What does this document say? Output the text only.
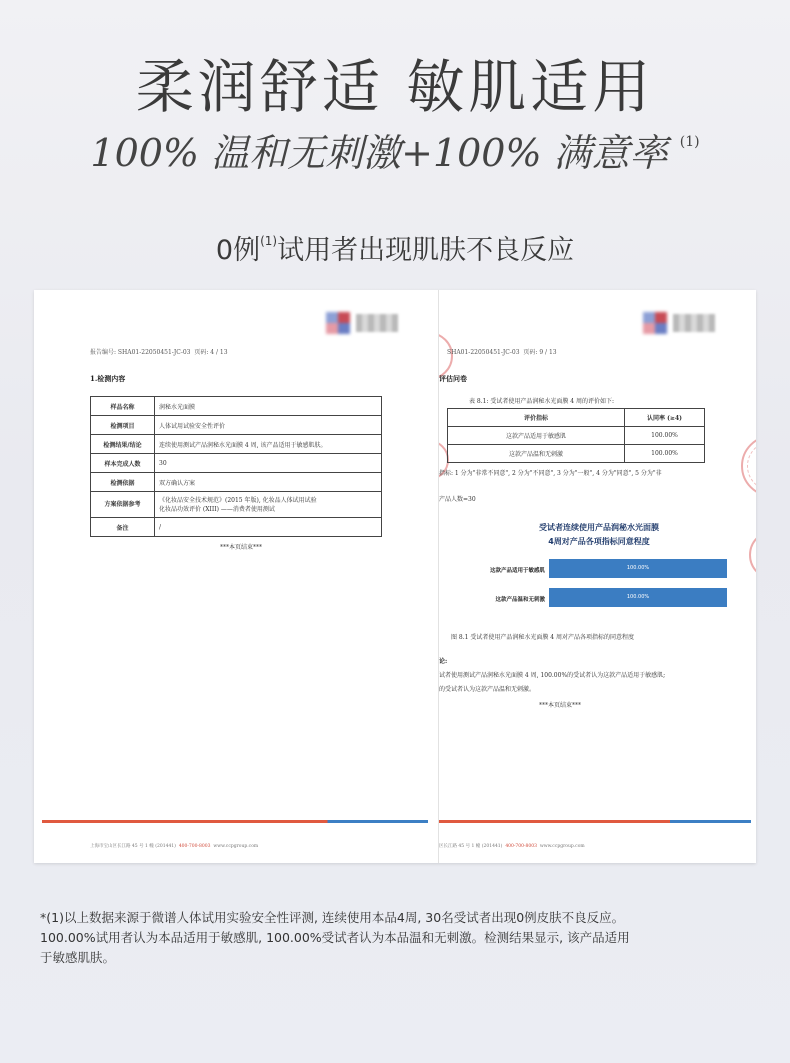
柔润舒适 敏肌适用
100% 温和无刺激+100% 满意率 $^{(1)}$
0例$^{(1)}$试用者出现肌肤不良反应
报告编号: SHA01-22050451-JC-03 页码: 4 / 13
1.检测内容
样品名称	润秘水光面膜
检测项目	人体试用试验安全性评价
检测结果/结论	连续使用测试产品润秘水光面膜 4 周, 该产品适用于敏感肌肤。
样本完成人数	30
检测依据	双方确认方案
方案依据参考	《化妆品安全技术规范》(2015 年版), 化妆品人体试用试验
化妆品功效评价 (XIII) ——消费者使用测试

备注	/
***本页结束***
上海市宝山区长江路 45 号 1 幢 (201441) 400-700-8003 www.ccpgroup.com
SHA01-22050451-JC-03 页码: 9 / 13
评估问卷
表 8.1: 受试者使用产品润秘水光面膜 4 周的评价如下:
评价指标	认同率 (≥4)
这款产品适用于敏感肌	100.00%
这款产品温和无刺激	100.00%
指标: 1 分为"非常不同意", 2 分为"不同意", 3 分为"一般", 4 分为"同意", 5 分为"非
产品人数=30
受试者连续使用产品润秘水光面膜
4周对产品各项指标同意程度
这款产品适用于敏感肌
这款产品温和无刺激
100.00%
100.00%
图 8.1 受试者使用产品润秘水光面膜 4 周对产品各项指标的同意程度
论:
试者使用测试产品润秘水光面膜 4 周, 100.00%的受试者认为这款产品适用于敏感肌;
的受试者认为这款产品温和无刺激。
***本页结束***
区长江路 45 号 1 幢 (201441) 400-700-8003 www.ccpgroup.com

*(1)以上数据来源于微谱人体试用实验安全性评测, 连续使用本品4周, 30名受试者出现0例皮肤不良反应。

100.00%试用者认为本品适用于敏感肌, 100.00%受试者认为本品温和无刺激。检测结果显示, 该产品适用

于敏感肌肤。
